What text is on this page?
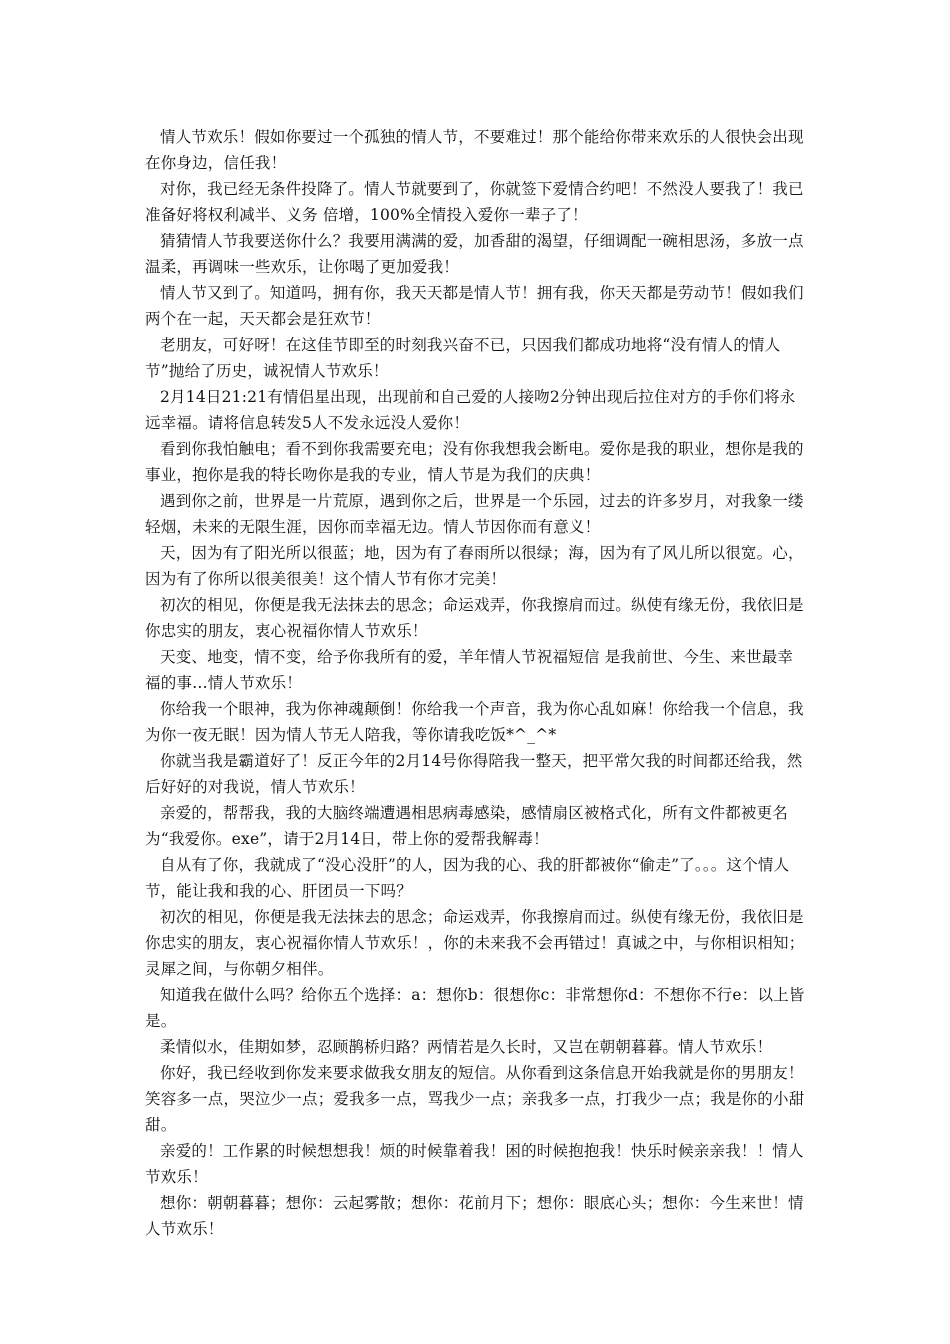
情人节欢乐！假如你要过一个孤独的情人节，不要难过！那个能给你带来欢乐的人很快会出现在你身边，信任我！

对你，我已经无条件投降了。情人节就要到了，你就签下爱情合约吧！不然没人要我了！我已准备好将权利减半、义务 倍增，100%全情投入爱你一辈子了！

猜猜情人节我要送你什么？我要用满满的爱，加香甜的渴望，仔细调配一碗相思汤，多放一点温柔，再调味一些欢乐，让你喝了更加爱我！

情人节又到了。知道吗，拥有你，我天天都是情人节！拥有我，你天天都是劳动节！假如我们两个在一起，天天都会是狂欢节！

老朋友，可好呀！在这佳节即至的时刻我兴奋不已，只因我们都成功地将“没有情人的情人节”抛给了历史，诚祝情人节欢乐！

2月14日21:21有情侣星出现，出现前和自己爱的人接吻2分钟出现后拉住对方的手你们将永远幸福。请将信息转发5人不发永远没人爱你！

看到你我怕触电；看不到你我需要充电；没有你我想我会断电。爱你是我的职业，想你是我的事业，抱你是我的特长吻你是我的专业，情人节是为我们的庆典！

遇到你之前，世界是一片荒原，遇到你之后，世界是一个乐园，过去的许多岁月，对我象一缕轻烟，未来的无限生涯，因你而幸福无边。情人节因你而有意义！

天，因为有了阳光所以很蓝；地，因为有了春雨所以很绿；海，因为有了风儿所以很宽。心，因为有了你所以很美很美！这个情人节有你才完美！

初次的相见，你便是我无法抹去的思念；命运戏弄，你我擦肩而过。纵使有缘无份，我依旧是你忠实的朋友，衷心祝福你情人节欢乐！

天变、地变，情不变，给予你我所有的爱，羊年情人节祝福短信 是我前世、今生、来世最幸福的事…情人节欢乐！

你给我一个眼神，我为你神魂颠倒！你给我一个声音，我为你心乱如麻！你给我一个信息，我为你一夜无眠！因为情人节无人陪我，等你请我吃饭*^_^*

你就当我是霸道好了！反正今年的2月14号你得陪我一整天，把平常欠我的时间都还给我，然后好好的对我说，情人节欢乐！

亲爱的，帮帮我，我的大脑终端遭遇相思病毒感染，感情扇区被格式化，所有文件都被更名为“我爱你。exe”，请于2月14日，带上你的爱帮我解毒！

自从有了你，我就成了“没心没肝”的人，因为我的心、我的肝都被你“偷走”了。。。这个情人节，能让我和我的心、肝团员一下吗？

初次的相见，你便是我无法抹去的思念；命运戏弄，你我擦肩而过。纵使有缘无份，我依旧是你忠实的朋友，衷心祝福你情人节欢乐！，你的未来我不会再错过！真诚之中，与你相识相知；灵犀之间，与你朝夕相伴。

知道我在做什么吗？给你五个选择：a：想你b：很想你c：非常想你d：不想你不行e：以上皆是。

柔情似水，佳期如梦，忍顾鹊桥归路？两情若是久长时，又岂在朝朝暮暮。情人节欢乐！

你好，我已经收到你发来要求做我女朋友的短信。从你看到这条信息开始我就是你的男朋友！笑容多一点，哭泣少一点；爱我多一点，骂我少一点；亲我多一点，打我少一点；我是你的小甜甜。

亲爱的！工作累的时候想想我！烦的时候靠着我！困的时候抱抱我！快乐时候亲亲我！！情人节欢乐！

想你：朝朝暮暮；想你：云起雾散；想你：花前月下；想你：眼底心头；想你：今生来世！情人节欢乐！
